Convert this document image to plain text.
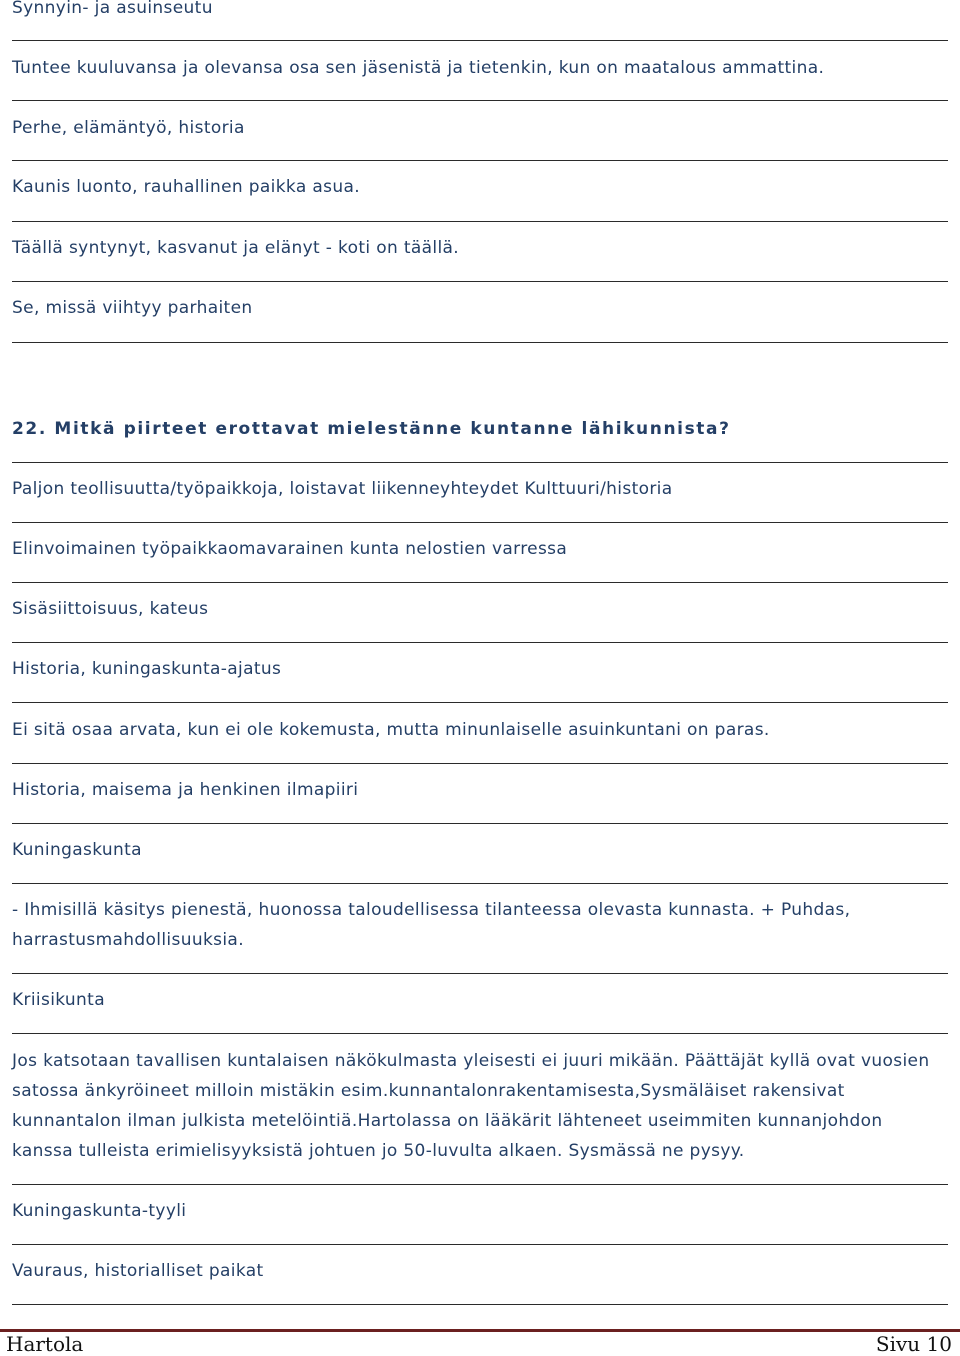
Synnyin- ja asuinseutu
Tuntee kuuluvansa ja olevansa osa sen jäsenistä ja tietenkin, kun on maatalous ammattina.
Perhe, elämäntyö, historia
Kaunis luonto, rauhallinen paikka asua.
Täällä syntynyt, kasvanut ja elänyt - koti on täällä.
Se, missä viihtyy parhaiten
22. Mitkä piirteet erottavat mielestänne kuntanne lähikunnista?
Paljon teollisuutta/työpaikkoja, loistavat liikenneyhteydet Kulttuuri/historia
Elinvoimainen työpaikkaomavarainen kunta nelostien varressa
Sisäsiittoisuus, kateus
Historia, kuningaskunta-ajatus
Ei sitä osaa arvata, kun ei ole kokemusta, mutta minunlaiselle asuinkuntani on paras.
Historia, maisema ja henkinen ilmapiiri
Kuningaskunta
- Ihmisillä käsitys pienestä, huonossa taloudellisessa tilanteessa olevasta kunnasta. + Puhdas, harrastusmahdollisuuksia.
Kriisikunta
Jos katsotaan tavallisen kuntalaisen näkökulmasta yleisesti ei juuri mikään. Päättäjät kyllä ovat vuosien satossa änkyröineet milloin mistäkin esim.kunnantalonrakentamisesta,Sysmäläiset rakensivat kunnantalon ilman julkista metelöintiä.Hartolassa on lääkärit lähteneet useimmiten kunnanjohdon kanssa tulleista erimielisyyksistä johtuen jo 50-luvulta alkaen. Sysmässä ne pysyy.
Kuningaskunta-tyyli
Vauraus, historialliset paikat
Hartola	Sivu 10
